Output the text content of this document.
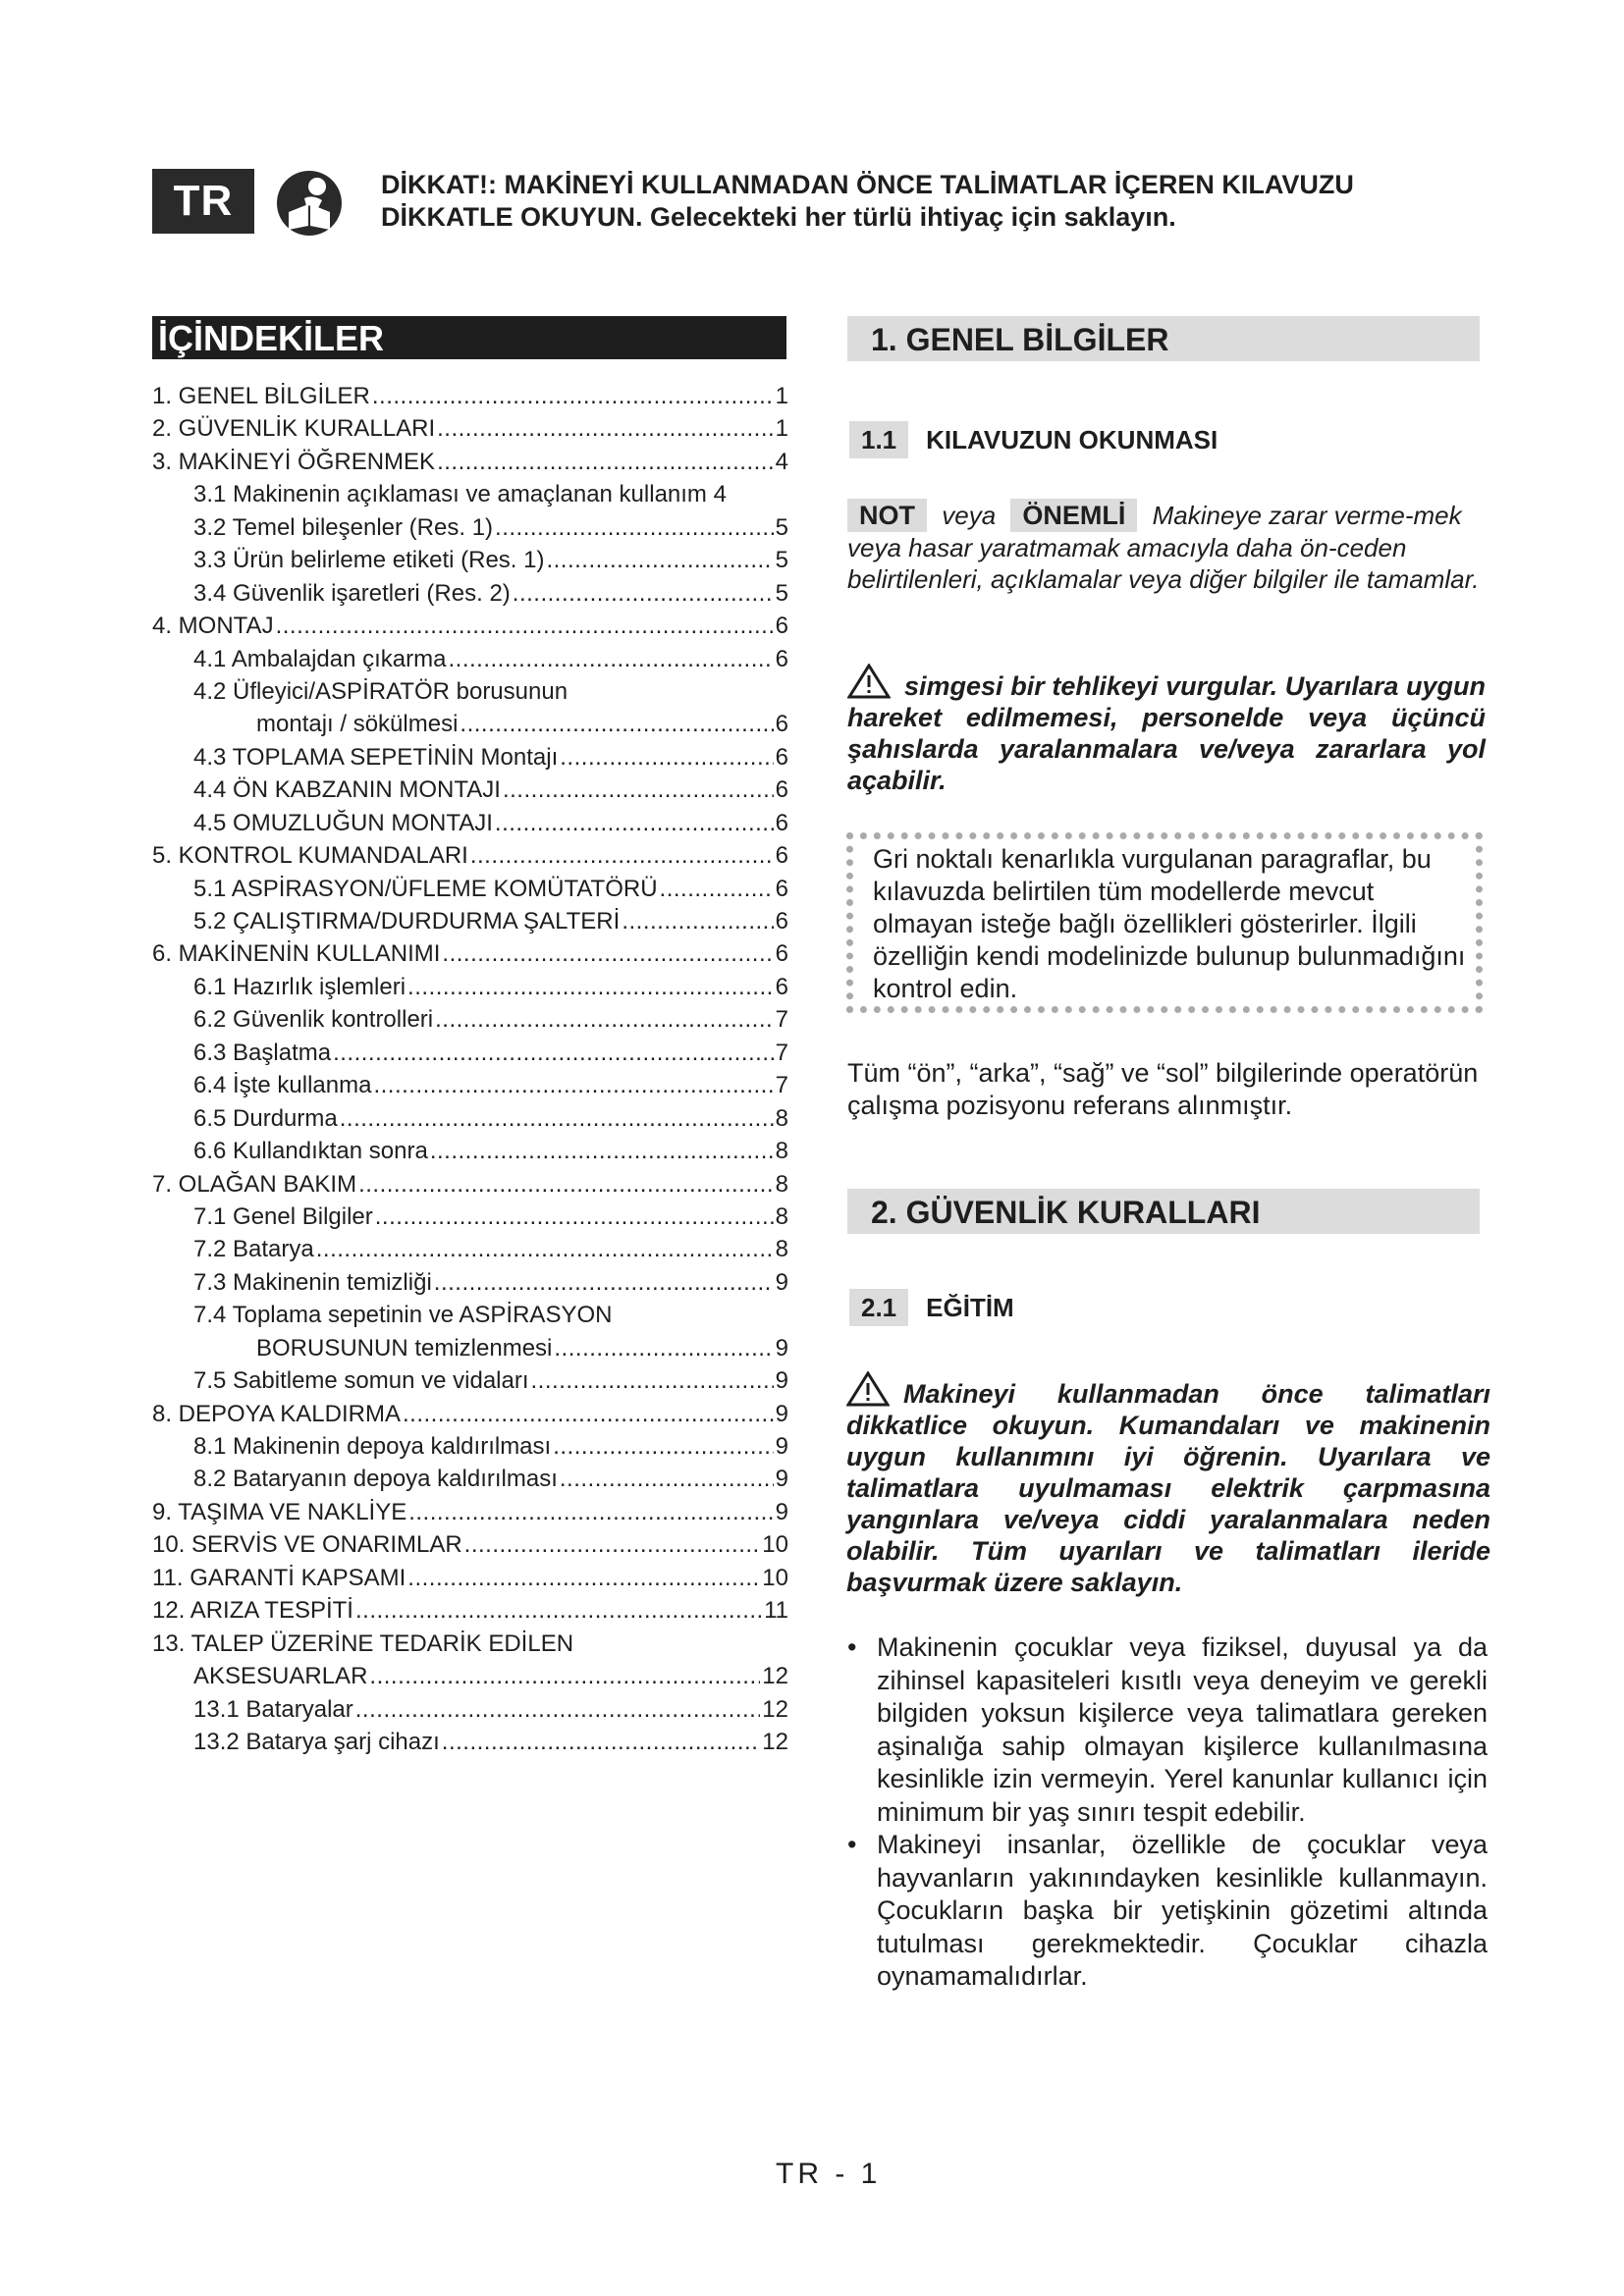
TR	DİKKAT!: MAKİNEYİ KULLANMADAN ÖNCE TALİMATLAR İÇEREN KILAVUZU
DİKKATLE OKUYUN. Gelecekteki her türlü ihtiyaç için saklayın.
İÇİNDEKİLER
1. GENEL BİLGİLER .....	1
2. GÜVENLİK KURALLARI .....	1
3. MAKİNEYİ ÖĞRENMEK .....	4
3.1 Makinenin açıklaması ve amaçlanan kullanım 4
3.2 Temel bileşenler (Res. 1) .....	5
3.3 Ürün belirleme etiketi (Res. 1) .....	5
3.4 Güvenlik işaretleri (Res. 2) .....	5
4. MONTAJ .....	6
4.1 Ambalajdan çıkarma .....	6
4.2 Üfleyici/ASPİRATÖR borusunun
montajı / sökülmesi .....	6
4.3 TOPLAMA SEPETİNİN Montajı .....	6
4.4 ÖN KABZANIN MONTAJI .....	6
4.5 OMUZLUĞUN MONTAJI .....	6
5. KONTROL KUMANDALARI .....	6
5.1 ASPİRASYON/ÜFLEME KOMÜTATÖRÜ .....	6
5.2 ÇALIŞTIRMA/DURDURMA ŞALTERİ .....	6
6. MAKİNENİN KULLANIMI .....	6
6.1 Hazırlık işlemleri .....	6
6.2 Güvenlik kontrolleri .....	7
6.3 Başlatma .....	7
6.4 İşte kullanma .....	7
6.5 Durdurma .....	8
6.6 Kullandıktan sonra .....	8
7. OLAĞAN BAKIM .....	8
7.1 Genel Bilgiler .....	8
7.2 Batarya .....	8
7.3 Makinenin temizliği .....	9
7.4 Toplama sepetinin ve ASPİRASYON
BORUSUNUN temizlenmesi .....	9
7.5 Sabitleme somun ve vidaları .....	9
8. DEPOYA KALDIRMA .....	9
8.1 Makinenin depoya kaldırılması .....	9
8.2 Bataryanın depoya kaldırılması .....	9
9. TAŞIMA VE NAKLİYE .....	9
10. SERVİS VE ONARIMLAR .....	10
11. GARANTİ KAPSAMI .....	10
12. ARIZA TESPİTİ .....	11
13. TALEP ÜZERİNE TEDARİK EDİLEN
AKSESUARLAR .....	12
13.1 Bataryalar .....	12
13.2 Batarya şarj cihazı .....	12
1. GENEL BİLGİLER
1.1 KILAVUZUN OKUNMASI
NOT veya ÖNEMLİ Makineye zarar verme-mek veya hasar yaratmamak amacıyla daha ön-ceden belirtilenleri, açıklamalar veya diğer bilgiler ile tamamlar.
simgesi bir tehlikeyi vurgular. Uyarılara uygun hareket edilmemesi, personelde veya üçüncü şahıslarda yaralanmalara ve/veya zararlara yol açabilir.
Gri noktalı kenarlıkla vurgulanan paragraflar, bu kılavuzda belirtilen tüm modellerde mevcut olmayan isteğe bağlı özellikleri gösterirler. İlgili özelliğin kendi modelinizde bulunup bulunmadığını kontrol edin.
Tüm “ön”, “arka”, “sağ” ve “sol” bilgilerinde operatörün çalışma pozisyonu referans alınmıştır.
2. GÜVENLİK KURALLARI
2.1 EĞİTİM
Makineyi kullanmadan önce talimatları dikkatlice okuyun. Kumandaları ve makinenin uygun kullanımını iyi öğrenin. Uyarılara ve talimatlara uyulmaması elektrik çarpmasına yangınlara ve/veya ciddi yaralanmalara neden olabilir. Tüm uyarıları ve talimatları ileride başvurmak üzere saklayın.
• Makinenin çocuklar veya fiziksel, duyusal ya da zihinsel kapasiteleri kısıtlı veya deneyim ve gerekli bilgiden yoksun kişilerce veya talimatlara gereken aşinalığa sahip olmayan kişilerce kullanılmasına kesinlikle izin vermeyin. Yerel kanunlar kullanıcı için minimum bir yaş sınırı tespit edebilir.
• Makineyi insanlar, özellikle de çocuklar veya hayvanların yakınındayken kesinlikle kullanmayın. Çocukların başka bir yetişkinin gözetimi altında tutulması gerekmektedir. Çocuklar cihazla oynamamalıdırlar.
TR - 1
